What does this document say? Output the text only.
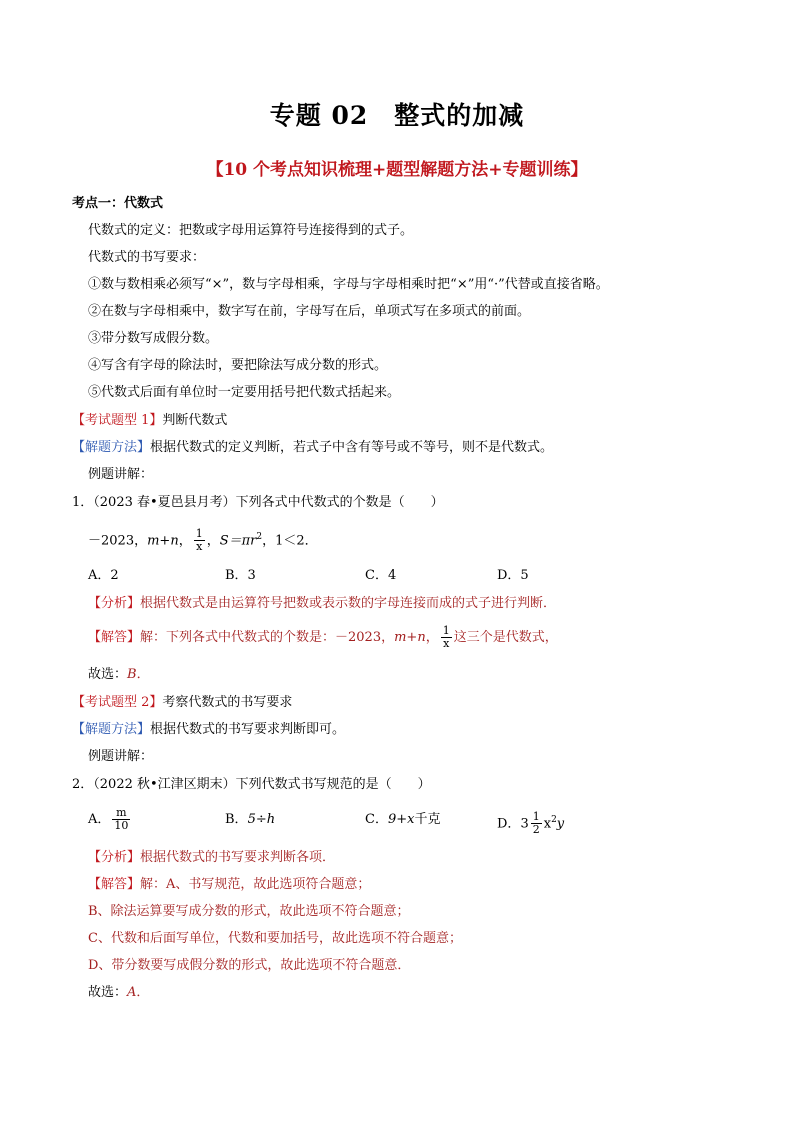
专题 02　整式的加减
【10 个考点知识梳理+题型解题方法+专题训练】
考点一：代数式
代数式的定义：把数或字母用运算符号连接得到的式子。
代数式的书写要求：
①数与数相乘必须写“×”，数与字母相乘，字母与字母相乘时把“×”用“·”代替或直接省略。
②在数与字母相乘中，数字写在前，字母写在后，单项式写在多项式的前面。
③带分数写成假分数。
④写含有字母的除法时，要把除法写成分数的形式。
⑤代数式后面有单位时一定要用括号把代数式括起来。
【考试题型 1】判断代数式
【解题方法】根据代数式的定义判断，若式子中含有等号或不等号，则不是代数式。
例题讲解：
1．（2023 春•夏邑县月考）下列各式中代数式的个数是（　　）
－2023，m+n， $\frac{1}{x}$ ，$S=\pi r^2$，1＜2．
A．2	B．3	C．4	D．5
【分析】根据代数式是由运算符号把数或表示数的字母连接而成的式子进行判断．
【解答】解：下列各式中代数式的个数是：－2023，m+n， $\frac{1}{x}$ 这三个是代数式，
故选：B．
【考试题型 2】考察代数式的书写要求
【解题方法】根据代数式的书写要求判断即可。
例题讲解：
2．（2022 秋•江津区期末）下列代数式书写规范的是（　　）
A． $\frac{m}{10}$	B．5÷h	C．9+x千克	D．$3 \frac{1}{2} x^2y$
【分析】根据代数式的书写要求判断各项．
【解答】解：A、书写规范，故此选项符合题意；
B、除法运算要写成分数的形式，故此选项不符合题意；
C、代数和后面写单位，代数和要加括号，故此选项不符合题意；
D、带分数要写成假分数的形式，故此选项不符合题意．
故选：A．
